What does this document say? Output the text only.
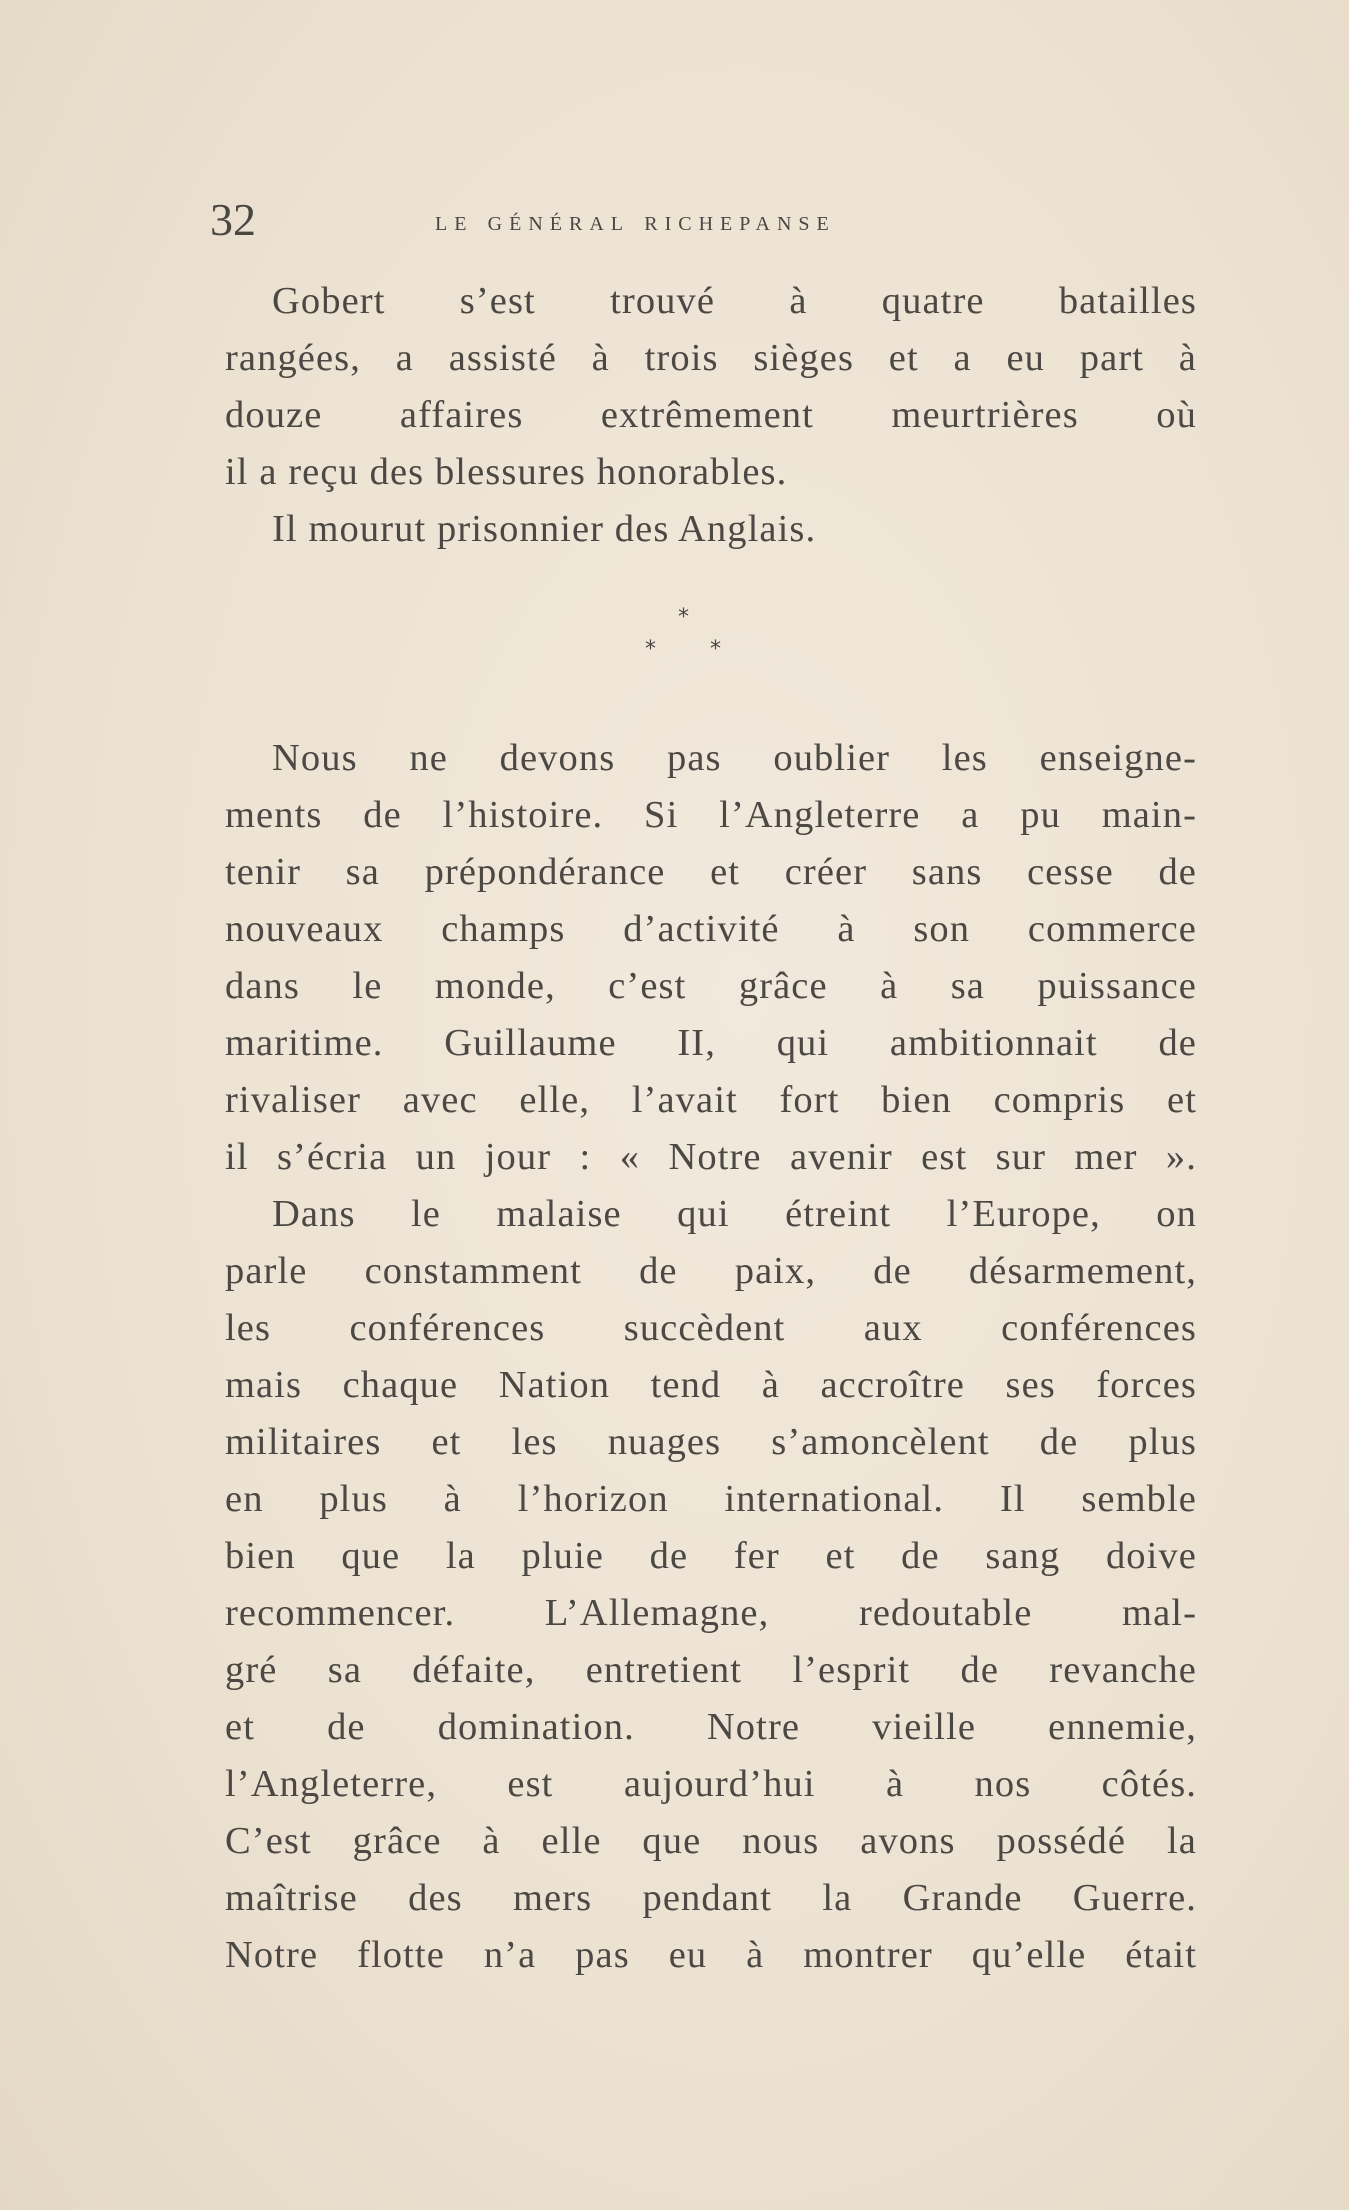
32	le général richepanse
Gobert s’est trouvé à quatre batailles
rangées, a assisté à trois sièges et a eu part à
douze affaires extrêmement meurtrières où
il a reçu des blessures honorables.
Il mourut prisonnier des Anglais.
*
* *
Nous ne devons pas oublier les enseigne-
ments de l’histoire. Si l’Angleterre a pu main-
tenir sa prépondérance et créer sans cesse de
nouveaux champs d’activité à son commerce
dans le monde, c’est grâce à sa puissance
maritime. Guillaume II, qui ambitionnait de
rivaliser avec elle, l’avait fort bien compris et
il s’écria un jour : « Notre avenir est sur mer ».
Dans le malaise qui étreint l’Europe, on
parle constamment de paix, de désarmement,
les conférences succèdent aux conférences
mais chaque Nation tend à accroître ses forces
militaires et les nuages s’amoncèlent de plus
en plus à l’horizon international. Il semble
bien que la pluie de fer et de sang doive
recommencer. L’Allemagne, redoutable mal-
gré sa défaite, entretient l’esprit de revanche
et de domination. Notre vieille ennemie,
l’Angleterre, est aujourd’hui à nos côtés.
C’est grâce à elle que nous avons possédé la
maîtrise des mers pendant la Grande Guerre.
Notre flotte n’a pas eu à montrer qu’elle était
